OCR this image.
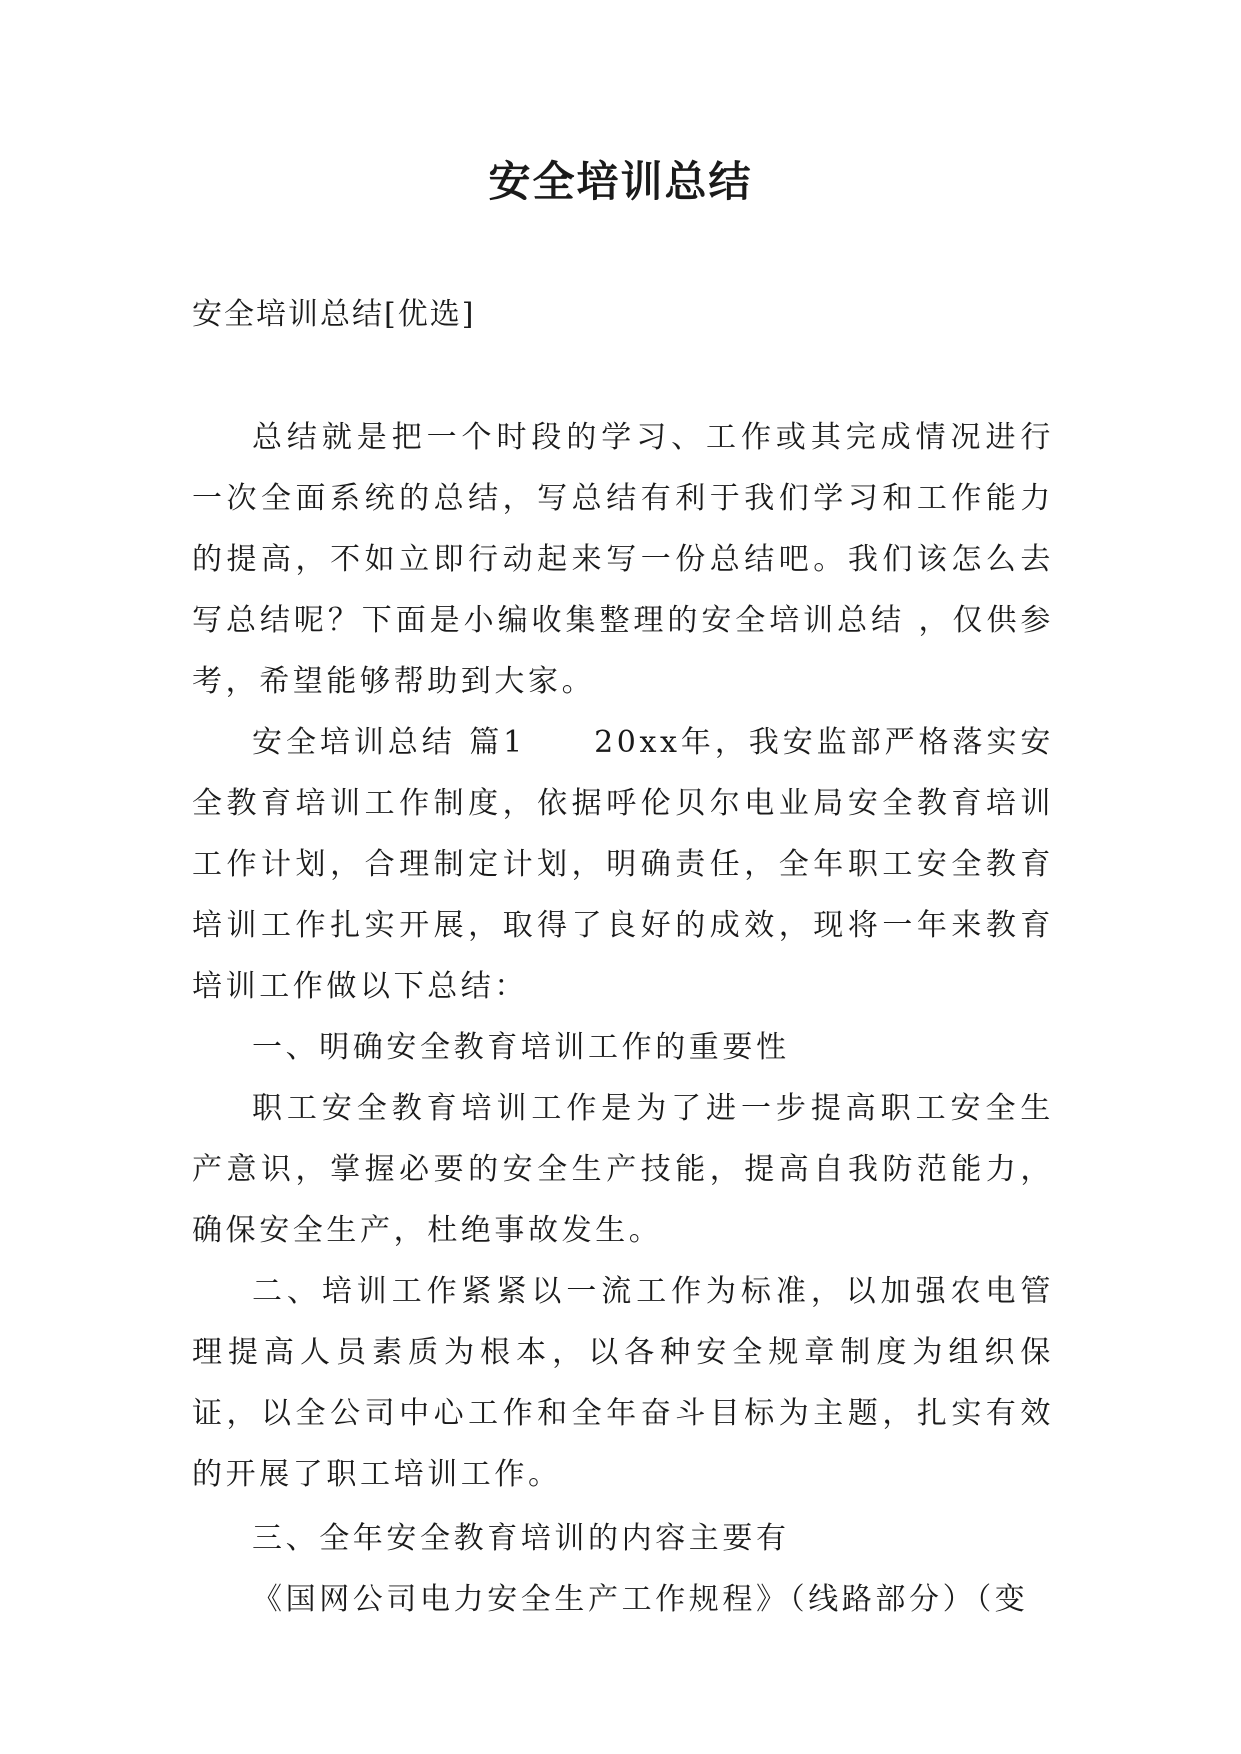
安全培训总结

安全培训总结[优选]

总结就是把一个时段的学习、工作或其完成情况进行一次全面系统的总结，写总结有利于我们学习和工作能力的提高，不如立即行动起来写一份总结吧。我们该怎么去写总结呢？下面是小编收集整理的安全培训总结 ，仅供参考，希望能够帮助到大家。

安全培训总结 篇1　　20xx年，我安监部严格落实安全教育培训工作制度，依据呼伦贝尔电业局安全教育培训工作计划，合理制定计划，明确责任，全年职工安全教育培训工作扎实开展，取得了良好的成效，现将一年来教育培训工作做以下总结：

一、明确安全教育培训工作的重要性

职工安全教育培训工作是为了进一步提高职工安全生产意识，掌握必要的安全生产技能，提高自我防范能力，确保安全生产，杜绝事故发生。

二、培训工作紧紧以一流工作为标准，以加强农电管理提高人员素质为根本，以各种安全规章制度为组织保证，以全公司中心工作和全年奋斗目标为主题，扎实有效的开展了职工培训工作。

三、全年安全教育培训的内容主要有

《国网公司电力安全生产工作规程》（线路部分）（变
